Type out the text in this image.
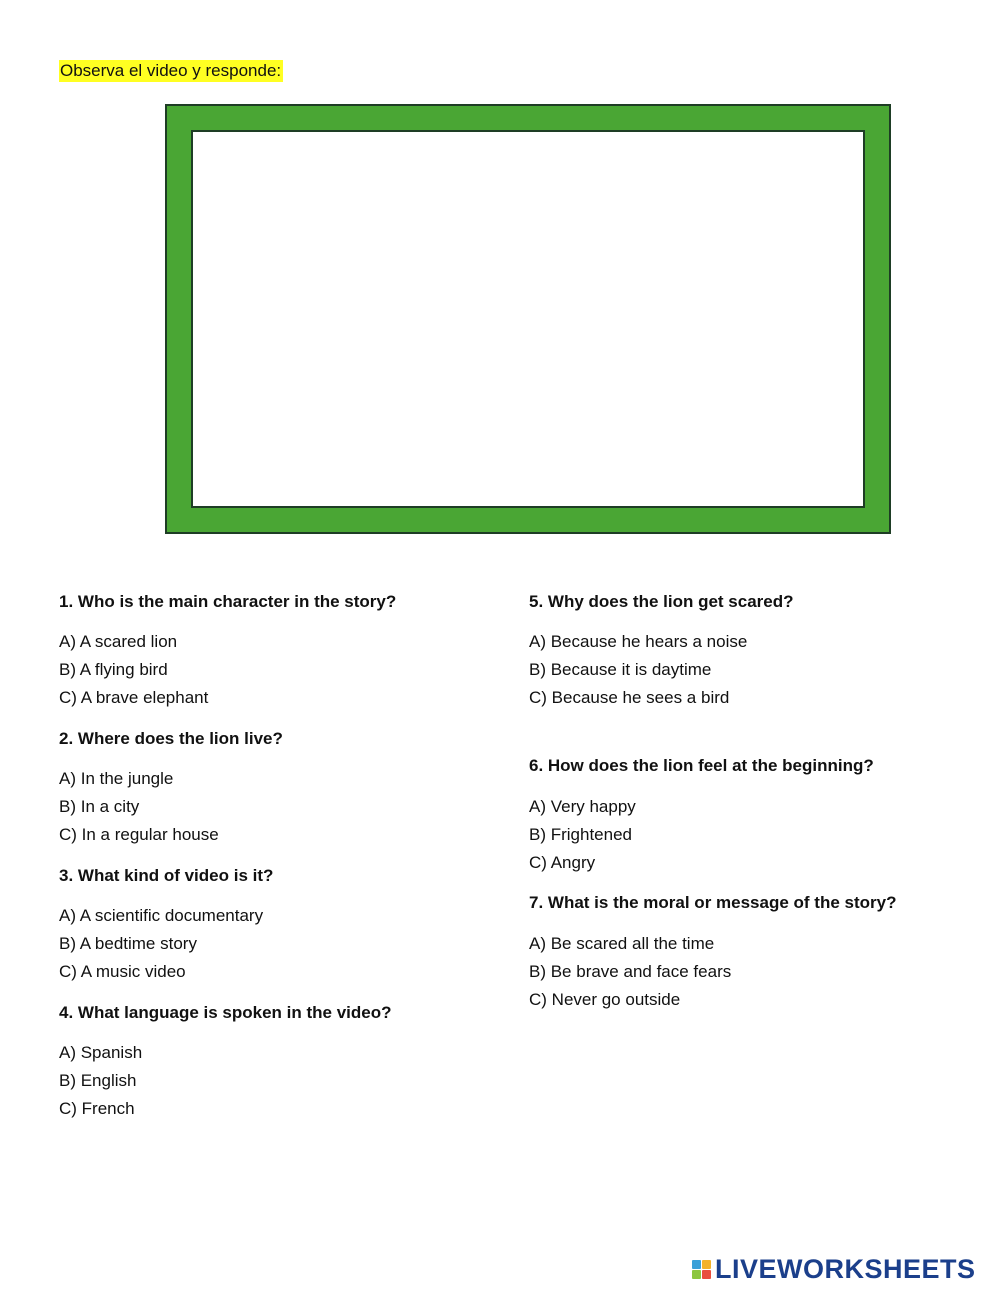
Observa el video y responde:
1. Who is the main character in the story?
A) A scared lion
B) A flying bird
C) A brave elephant
2. Where does the lion live?
A) In the jungle
B) In a city
C) In a regular house
3. What kind of video is it?
A) A scientific documentary
B) A bedtime story
C) A music video
4. What language is spoken in the video?
A) Spanish
B) English
C) French
5. Why does the lion get scared?
A) Because he hears a noise
B) Because it is daytime
C) Because he sees a bird
6. How does the lion feel at the beginning?
A) Very happy
B) Frightened
C) Angry
7. What is the moral or message of the story?
A) Be scared all the time
B) Be brave and face fears
C) Never go outside
LIVEWORKSHEETS
